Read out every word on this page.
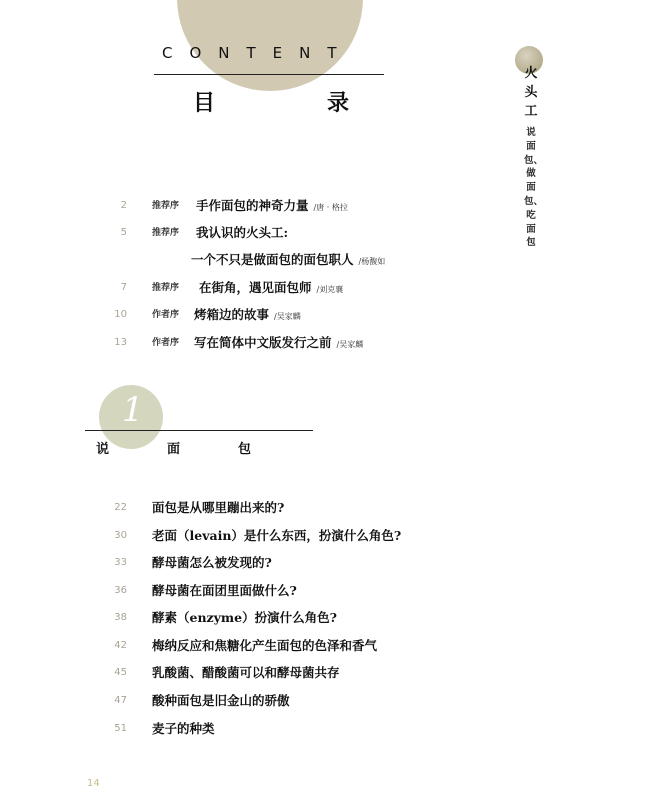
CONTENT
目录
火头工
说面包、做面包、吃面包
2	推荐序 手作面包的神奇力量 /唐 · 格拉
5	推荐序 我认识的火头工:
一个不只是做面包的面包职人 /杨馥如
7	推荐序 在街角，遇见面包师 /刘克襄
10	作者序 烤箱边的故事 /吴家麟
13	作者序 写在简体中文版发行之前 /吴家麟
1
说面包
22 面包是从哪里蹦出来的?
30 老面（levain）是什么东西，扮演什么角色?
33 酵母菌怎么被发现的?
36 酵母菌在面团里面做什么?
38 酵素（enzyme）扮演什么角色?
42 梅纳反应和焦糖化产生面包的色泽和香气
45 乳酸菌、醋酸菌可以和酵母菌共存
47 酸种面包是旧金山的骄傲
51 麦子的种类
14
